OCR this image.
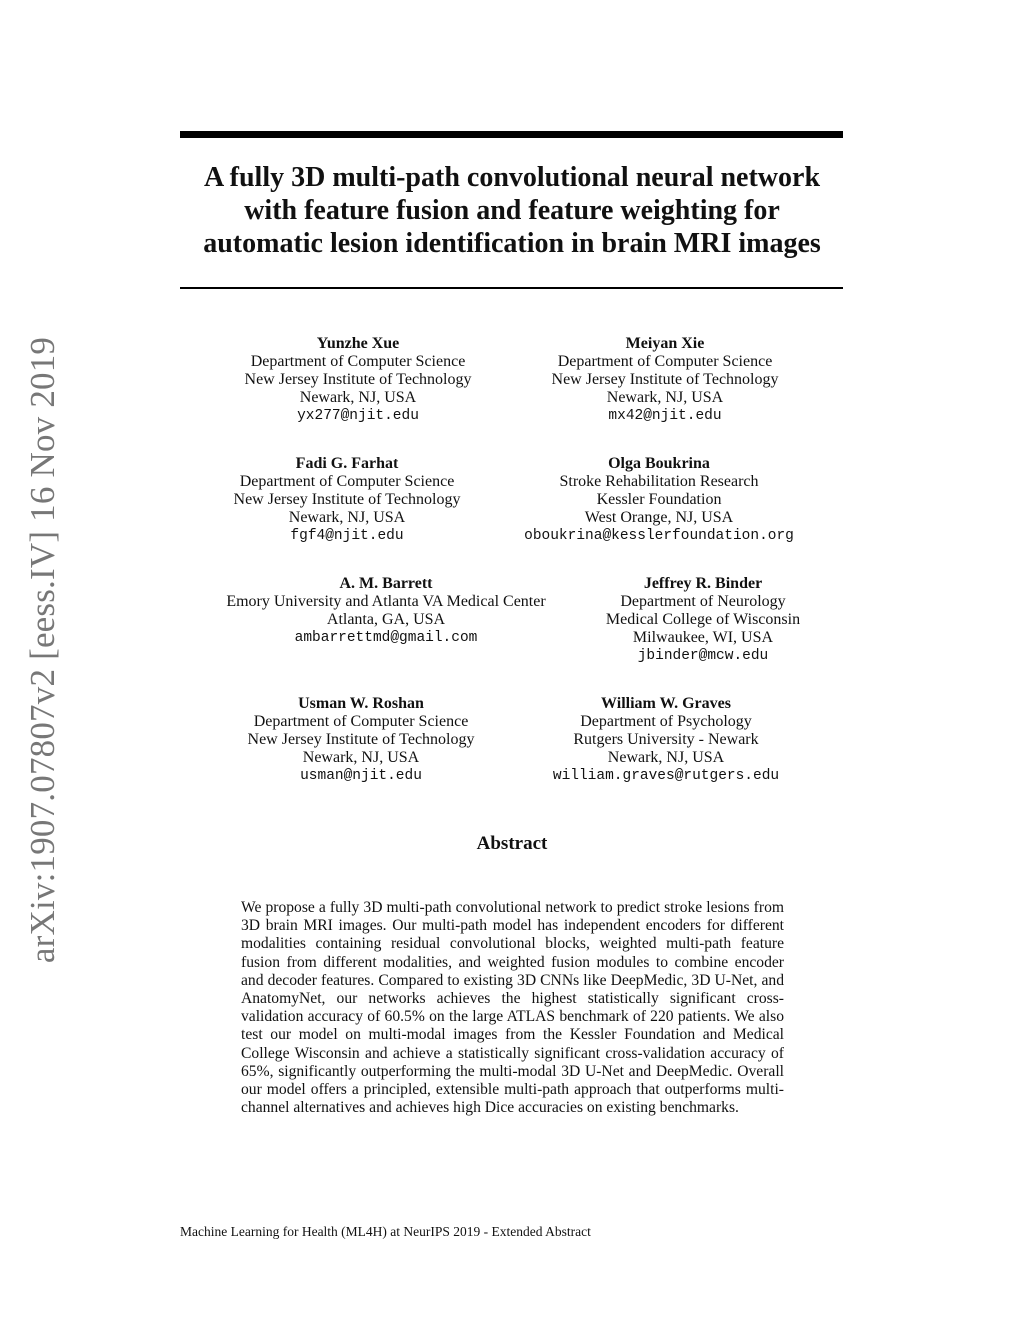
arXiv:1907.07807v2 [eess.IV] 16 Nov 2019
A fully 3D multi-path convolutional neural network
with feature fusion and feature weighting for
automatic lesion identification in brain MRI images
Yunzhe Xue
Department of Computer Science
New Jersey Institute of Technology
Newark, NJ, USA
yx277@njit.edu
Meiyan Xie
Department of Computer Science
New Jersey Institute of Technology
Newark, NJ, USA
mx42@njit.edu
Fadi G. Farhat
Department of Computer Science
New Jersey Institute of Technology
Newark, NJ, USA
fgf4@njit.edu
Olga Boukrina
Stroke Rehabilitation Research
Kessler Foundation
West Orange, NJ, USA
oboukrina@kesslerfoundation.org
A. M. Barrett
Emory University and Atlanta VA Medical Center
Atlanta, GA, USA
ambarrettmd@gmail.com
Jeffrey R. Binder
Department of Neurology
Medical College of Wisconsin
Milwaukee, WI, USA
jbinder@mcw.edu
Usman W. Roshan
Department of Computer Science
New Jersey Institute of Technology
Newark, NJ, USA
usman@njit.edu
William W. Graves
Department of Psychology
Rutgers University - Newark
Newark, NJ, USA
william.graves@rutgers.edu
Abstract

We propose a fully 3D multi-path convolutional network to predict stroke lesions from 3D brain MRI images. Our multi-path model has independent encoders for different modalities containing residual convolutional blocks, weighted multi-path feature fusion from different modalities, and weighted fusion modules to combine encoder and decoder features. Compared to existing 3D CNNs like DeepMedic, 3D U-Net, and AnatomyNet, our networks achieves the highest statistically significant cross-validation accuracy of 60.5% on the large ATLAS benchmark of 220 patients. We also test our model on multi-modal images from the Kessler Foundation and Medical College Wisconsin and achieve a statistically significant cross-validation accuracy of 65%, significantly outperforming the multi-modal 3D U-Net and DeepMedic. Overall our model offers a principled, extensible multi-path approach that outperforms multi-channel alternatives and achieves high Dice accuracies on existing benchmarks.

Machine Learning for Health (ML4H) at NeurIPS 2019 - Extended Abstract
